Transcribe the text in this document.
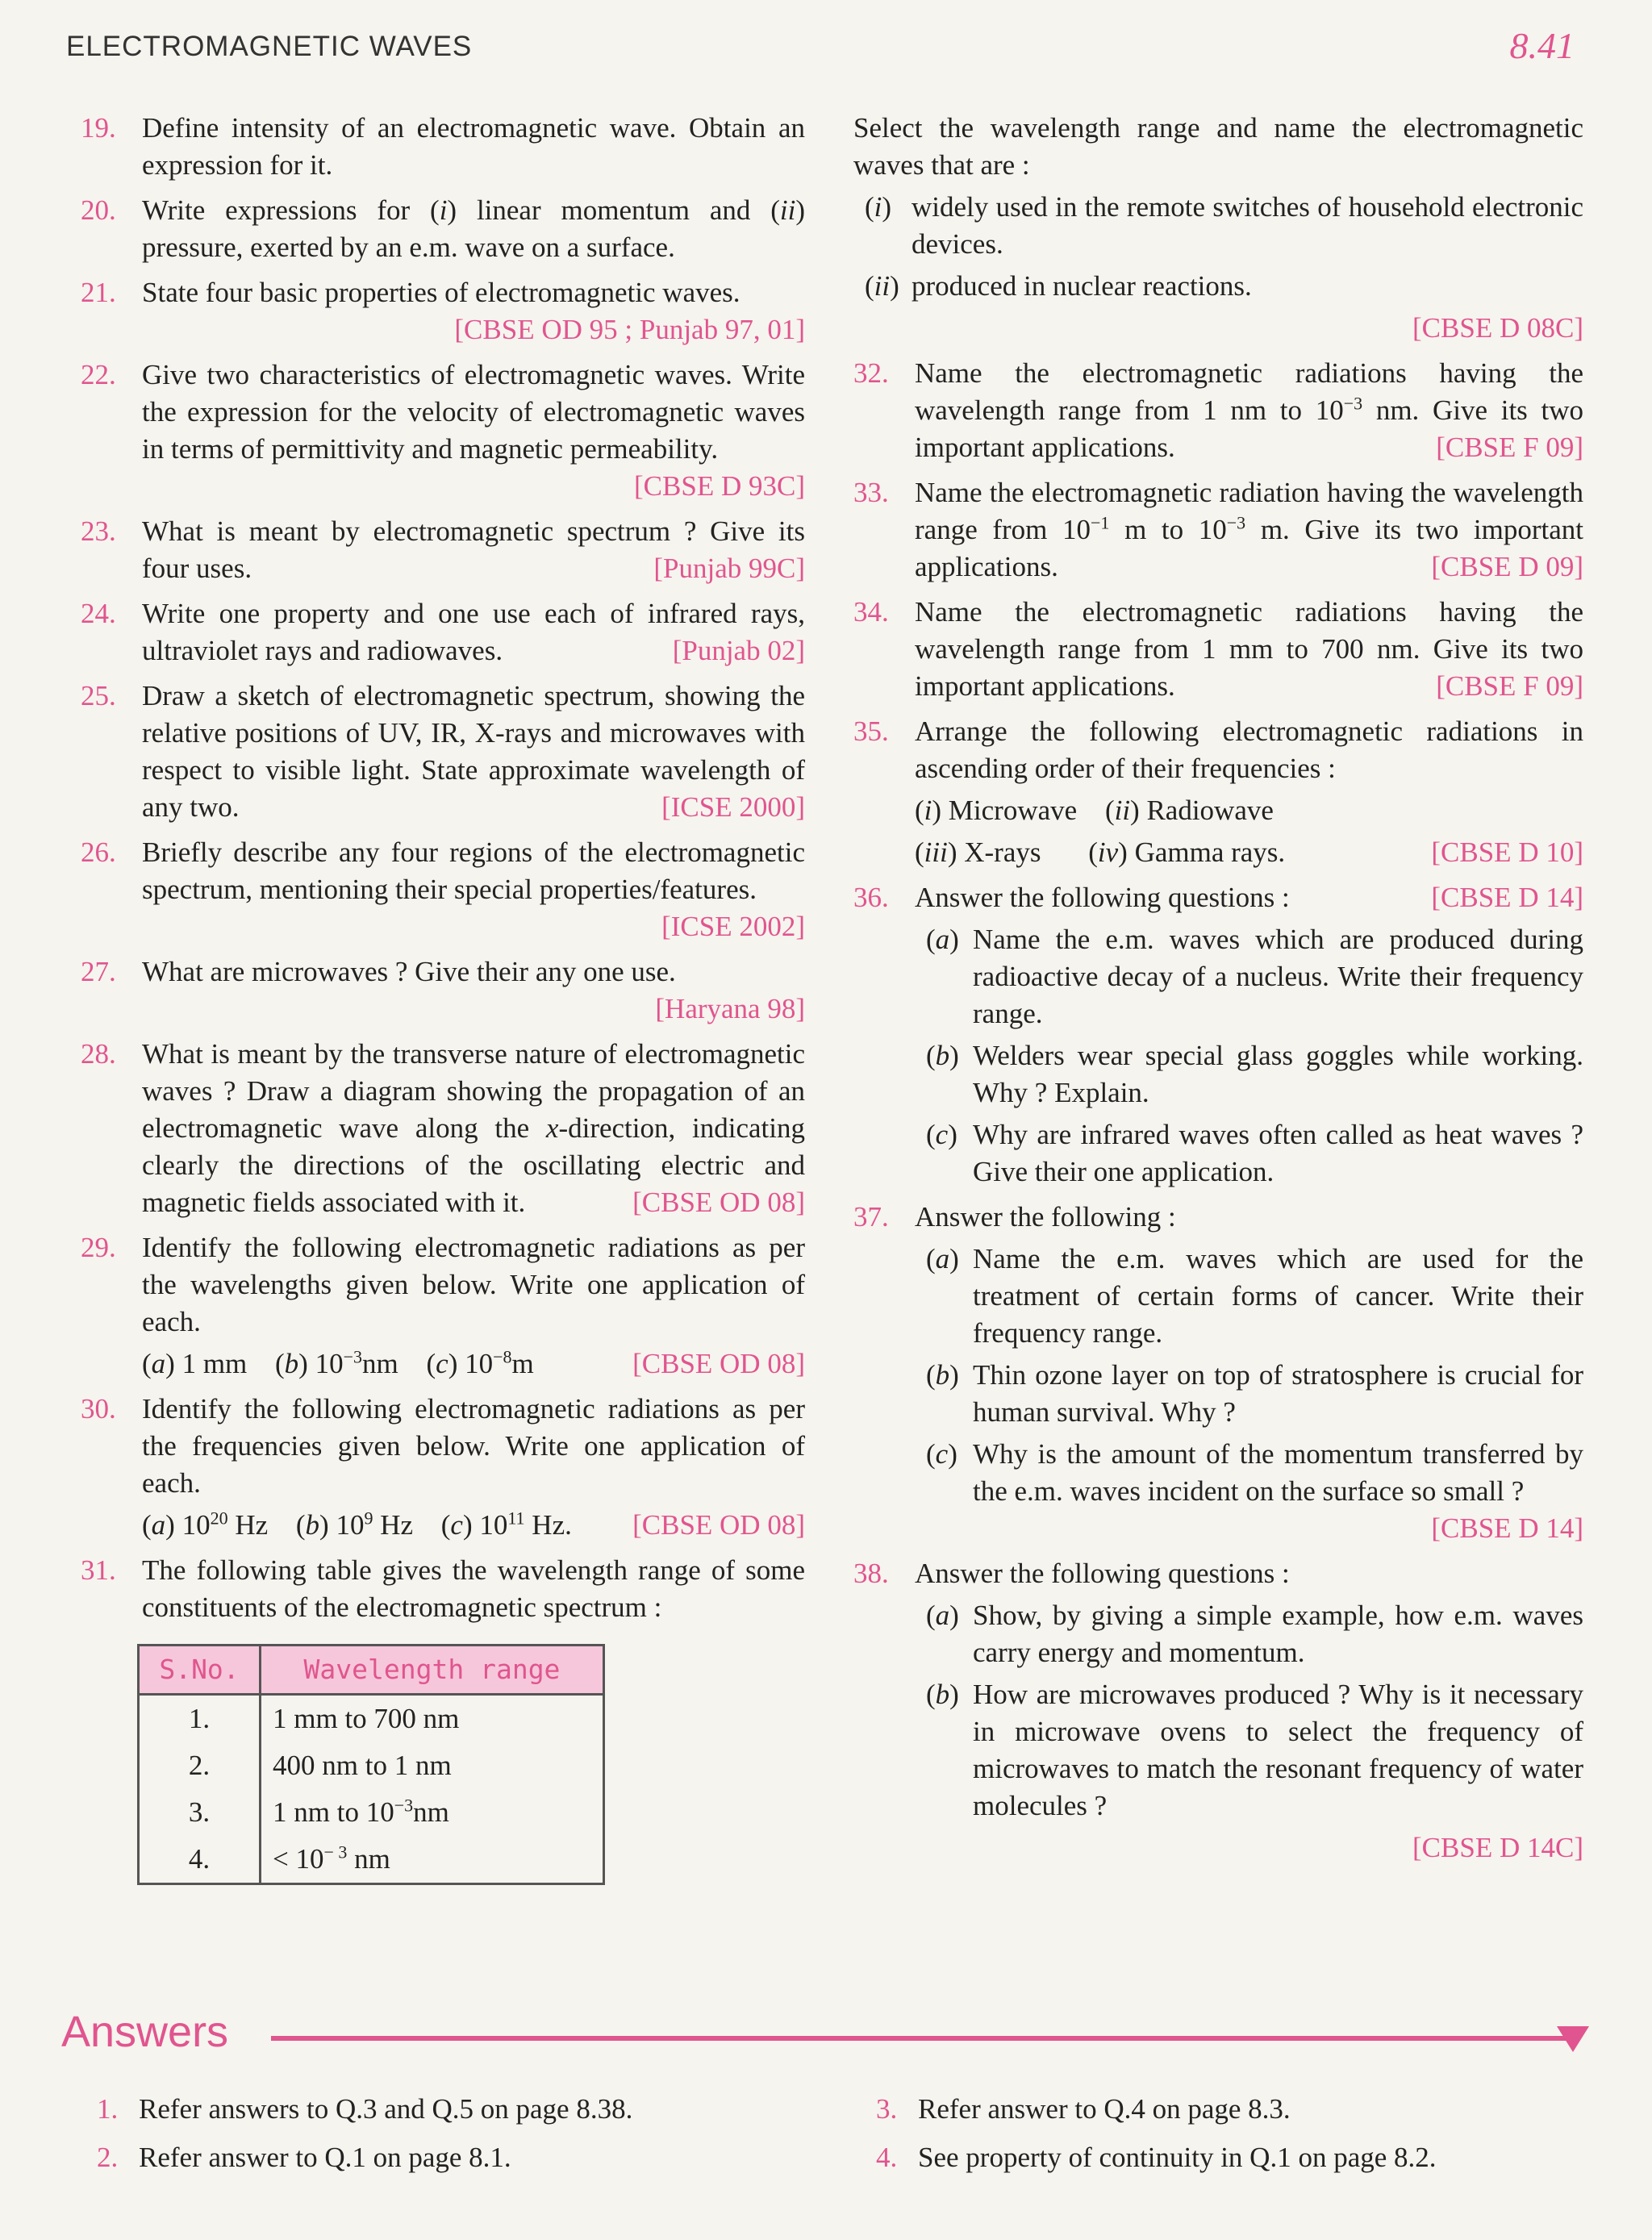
ELECTROMAGNETIC WAVES	8.41
19. Define intensity of an electromagnetic wave. Obtain an expression for it.
20. Write expressions for (i) linear momentum and (ii) pressure, exerted by an e.m. wave on a surface.
21. State four basic properties of electromagnetic waves.
[CBSE OD 95 ; Punjab 97, 01]
22. Give two characteristics of electromagnetic waves. Write the expression for the velocity of electromagnetic waves in terms of permittivity and magnetic permeability.
[CBSE D 93C]
23. What is meant by electromagnetic spectrum ? Give its four uses.	[Punjab 99C]
24. Write one property and one use each of infrared rays, ultraviolet rays and radiowaves.	[Punjab 02]
25. Draw a sketch of electromagnetic spectrum, showing the relative positions of UV, IR, X-rays and microwaves with respect to visible light. State approximate wavelength of any two.	[ICSE 2000]
26. Briefly describe any four regions of the electromagnetic spectrum, mentioning their special properties/features.
[ICSE 2002]
27. What are microwaves ? Give their any one use.
[Haryana 98]
28. What is meant by the transverse nature of electromagnetic waves ? Draw a diagram showing the propagation of an electromagnetic wave along the x-direction, indicating clearly the directions of the oscillating electric and magnetic fields associated with it.	[CBSE OD 08]
29. Identify the following electromagnetic radiations as per the wavelengths given below. Write one application of each.
(a) 1 mm (b) $10^{-3}nm$ (c) $10^{-8}m$	[CBSE OD 08]
30. Identify the following electromagnetic radiations as per the frequencies given below. Write one application of each.
(a) $10^{20}$ Hz (b) $10^9$ Hz (c) $10^{11}$ Hz. [CBSE OD 08]
31. The following table gives the wavelength range of some constituents of the electromagnetic spectrum :
S.No.	Wavelength range
1.	1 mm to 700 nm
2.	400 nm to 1 nm
3.	1 nm to $10^{-3}nm$
4.	< $10^{- 3}$ nm
Select the wavelength range and name the electromagnetic waves that are :
(i) widely used in the remote switches of household electronic devices.
(ii) produced in nuclear reactions.
[CBSE D 08C]
32. Name the electromagnetic radiations having the wavelength range from 1 nm to $10^{-3}$ nm. Give its two important applications.	[CBSE F 09]
33. Name the electromagnetic radiation having the wavelength range from $10^{-1}$ m to $10^{-3}$ m. Give its two important applications.	[CBSE D 09]
34. Name the electromagnetic radiations having the wavelength range from 1 mm to 700 nm. Give its two important applications.	[CBSE F 09]
35. Arrange the following electromagnetic radiations in ascending order of their frequencies :
(i) Microwave (ii) Radiowave
(iii) X-rays (iv) Gamma rays.	[CBSE D 10]
36. Answer the following questions :	[CBSE D 14]
(a) Name the e.m. waves which are produced during radioactive decay of a nucleus. Write their frequency range.
(b) Welders wear special glass goggles while working. Why ? Explain.
(c) Why are infrared waves often called as heat waves ? Give their one application.
37. Answer the following :
(a) Name the e.m. waves which are used for the treatment of certain forms of cancer. Write their frequency range.
(b) Thin ozone layer on top of stratosphere is crucial for human survival. Why ?
(c) Why is the amount of the momentum transferred by the e.m. waves incident on the surface so small ?
[CBSE D 14]
38. Answer the following questions :
(a) Show, by giving a simple example, how e.m. waves carry energy and momentum.
(b) How are microwaves produced ? Why is it necessary in microwave ovens to select the frequency of microwaves to match the resonant frequency of water molecules ?
[CBSE D 14C]
Answers
1. Refer answers to Q.3 and Q.5 on page 8.38.
2. Refer answer to Q.1 on page 8.1.
3. Refer answer to Q.4 on page 8.3.
4. See property of continuity in Q.1 on page 8.2.
